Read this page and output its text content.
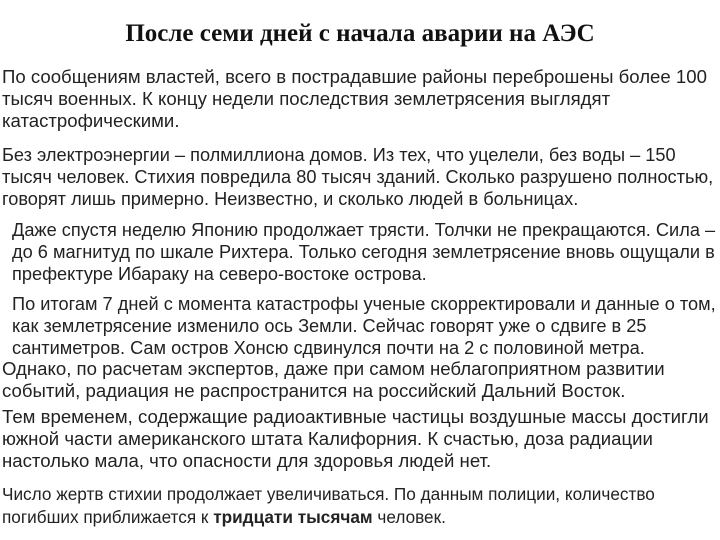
После семи дней с начала аварии на АЭС
По сообщениям властей, всего в пострадавшие районы переброшены более 100
тысяч военных. К концу недели последствия землетрясения выглядят
катастрофическими.
Без электроэнергии – полмиллиона домов. Из тех, что уцелели, без воды – 150
тысяч человек. Стихия повредила 80 тысяч зданий. Сколько разрушено полностью,
говорят лишь примерно. Неизвестно, и сколько людей в больницах.
Даже спустя неделю Японию продолжает трясти. Толчки не прекращаются. Сила –
до 6 магнитуд по шкале Рихтера. Только сегодня землетрясение вновь ощущали в
префектуре Ибараку на северо-востоке острова.
По итогам 7 дней с момента катастрофы ученые скорректировали и данные о том,
как землетрясение изменило ось Земли. Сейчас говорят уже о сдвиге в 25
сантиметров. Сам остров Хонсю сдвинулся почти на 2 с половиной метра.
Однако, по расчетам экспертов, даже при самом неблагоприятном развитии
событий, радиация не распространится на российский Дальний Восток.
Тем временем, содержащие радиоактивные частицы воздушные массы достигли
южной части американского штата Калифорния. К счастью, доза радиации
настолько мала, что опасности для здоровья людей нет.
Число жертв стихии продолжает увеличиваться. По данным полиции, количество
погибших приближается к тридцати тысячам человек.
